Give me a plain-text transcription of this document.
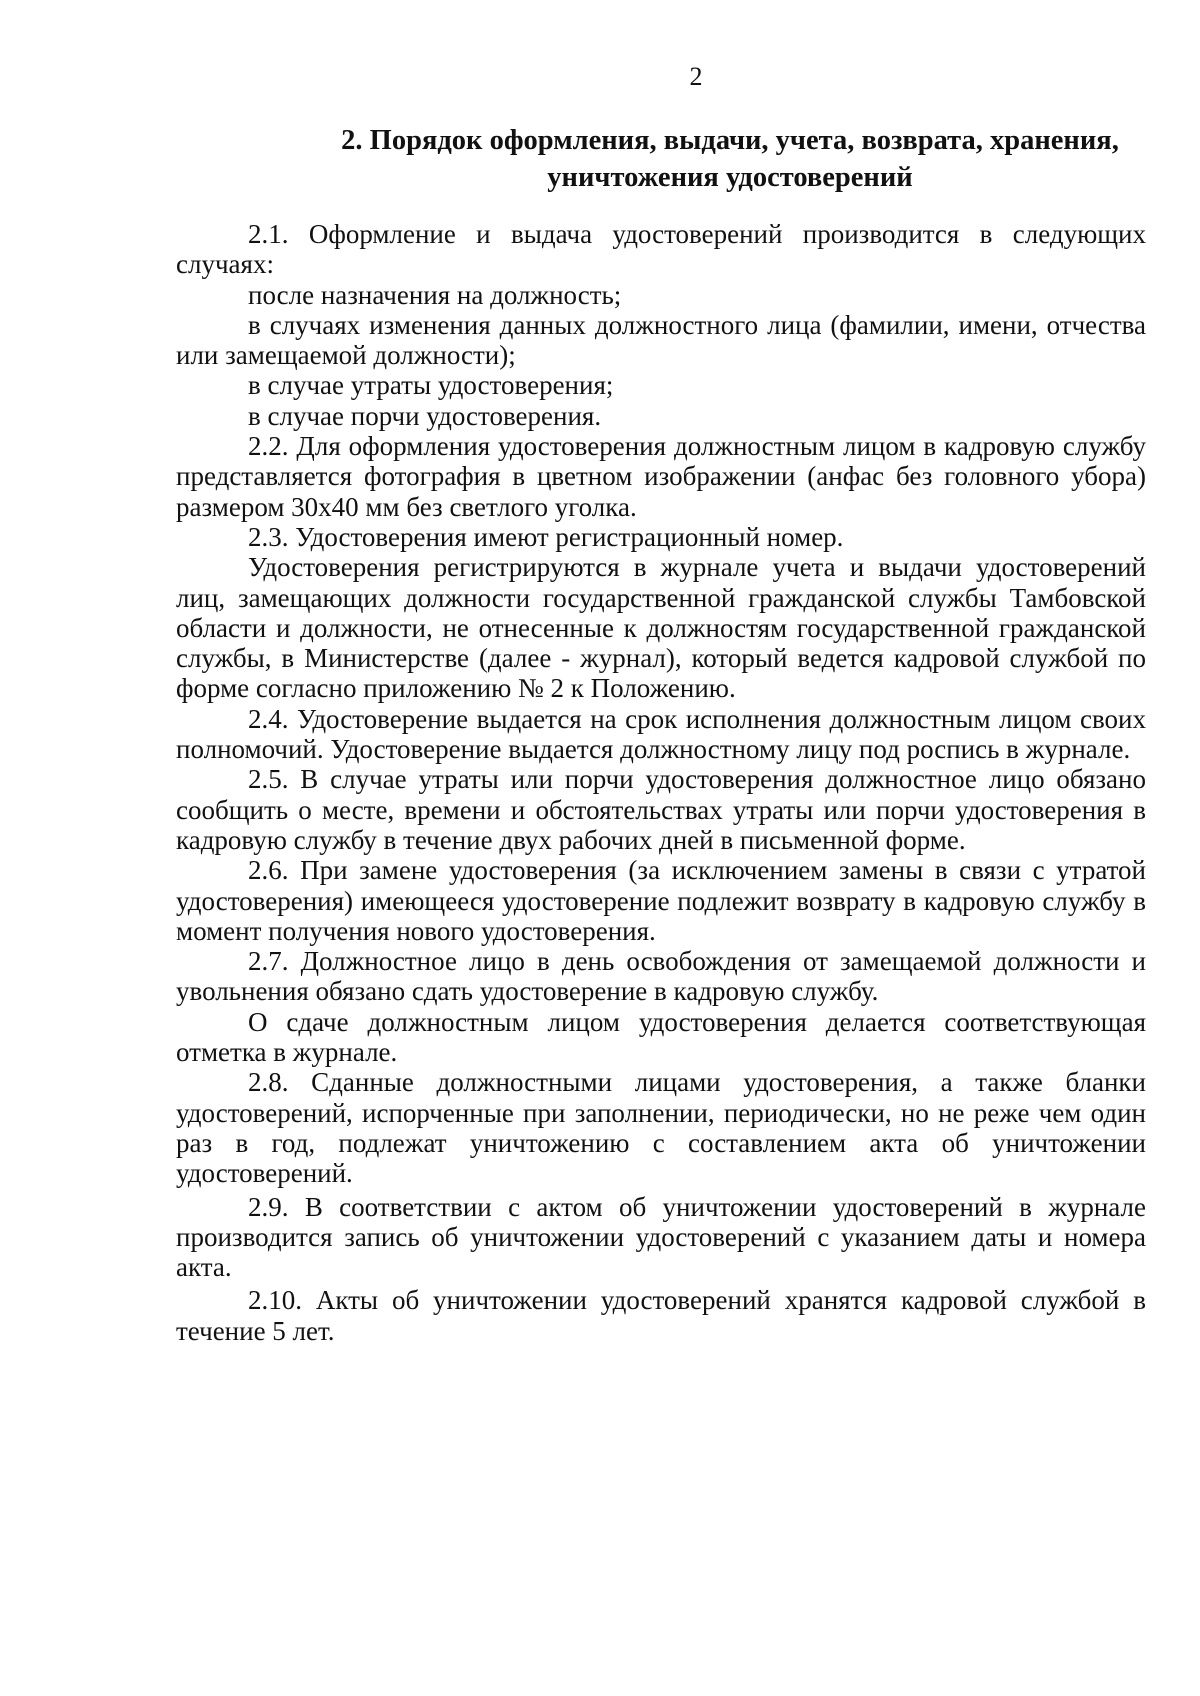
2
2. Порядок оформления, выдачи, учета, возврата, хранения,
уничтожения удостоверений

2.1. Оформление и выдача удостоверений производится в следующих случаях:

после назначения на должность;

в случаях изменения данных должностного лица (фамилии, имени, отчества или замещаемой должности);

в случае утраты удостоверения;

в случае порчи удостоверения.

2.2. Для оформления удостоверения должностным лицом в кадровую службу представляется фотография в цветном изображении (анфас без головного убора) размером 30х40 мм без светлого уголка.

2.3. Удостоверения имеют регистрационный номер.

Удостоверения регистрируются в журнале учета и выдачи удостоверений лиц, замещающих должности государственной гражданской службы Тамбовской области и должности, не отнесенные к должностям государственной гражданской службы, в Министерстве (далее - журнал), который ведется кадровой службой по форме согласно приложению № 2 к Положению.

2.4. Удостоверение выдается на срок исполнения должностным лицом своих полномочий. Удостоверение выдается должностному лицу под роспись в журнале.

2.5. В случае утраты или порчи удостоверения должностное лицо обязано сообщить о месте, времени и обстоятельствах утраты или порчи удостоверения в кадровую службу в течение двух рабочих дней в письменной форме.

2.6. При замене удостоверения (за исключением замены в связи с утратой удостоверения) имеющееся удостоверение подлежит возврату в кадровую службу в момент получения нового удостоверения.

2.7. Должностное лицо в день освобождения от замещаемой должности и увольнения обязано сдать удостоверение в кадровую службу.

О сдаче должностным лицом удостоверения делается соответствующая отметка в журнале.

2.8. Сданные должностными лицами удостоверения, а также бланки удостоверений, испорченные при заполнении, периодически, но не реже чем один раз в год, подлежат уничтожению с составлением акта об уничтожении удостоверений.

2.9. В соответствии с актом об уничтожении удостоверений в журнале производится запись об уничтожении удостоверений с указанием даты и номера акта.

2.10. Акты об уничтожении удостоверений хранятся кадровой службой в течение 5 лет.
